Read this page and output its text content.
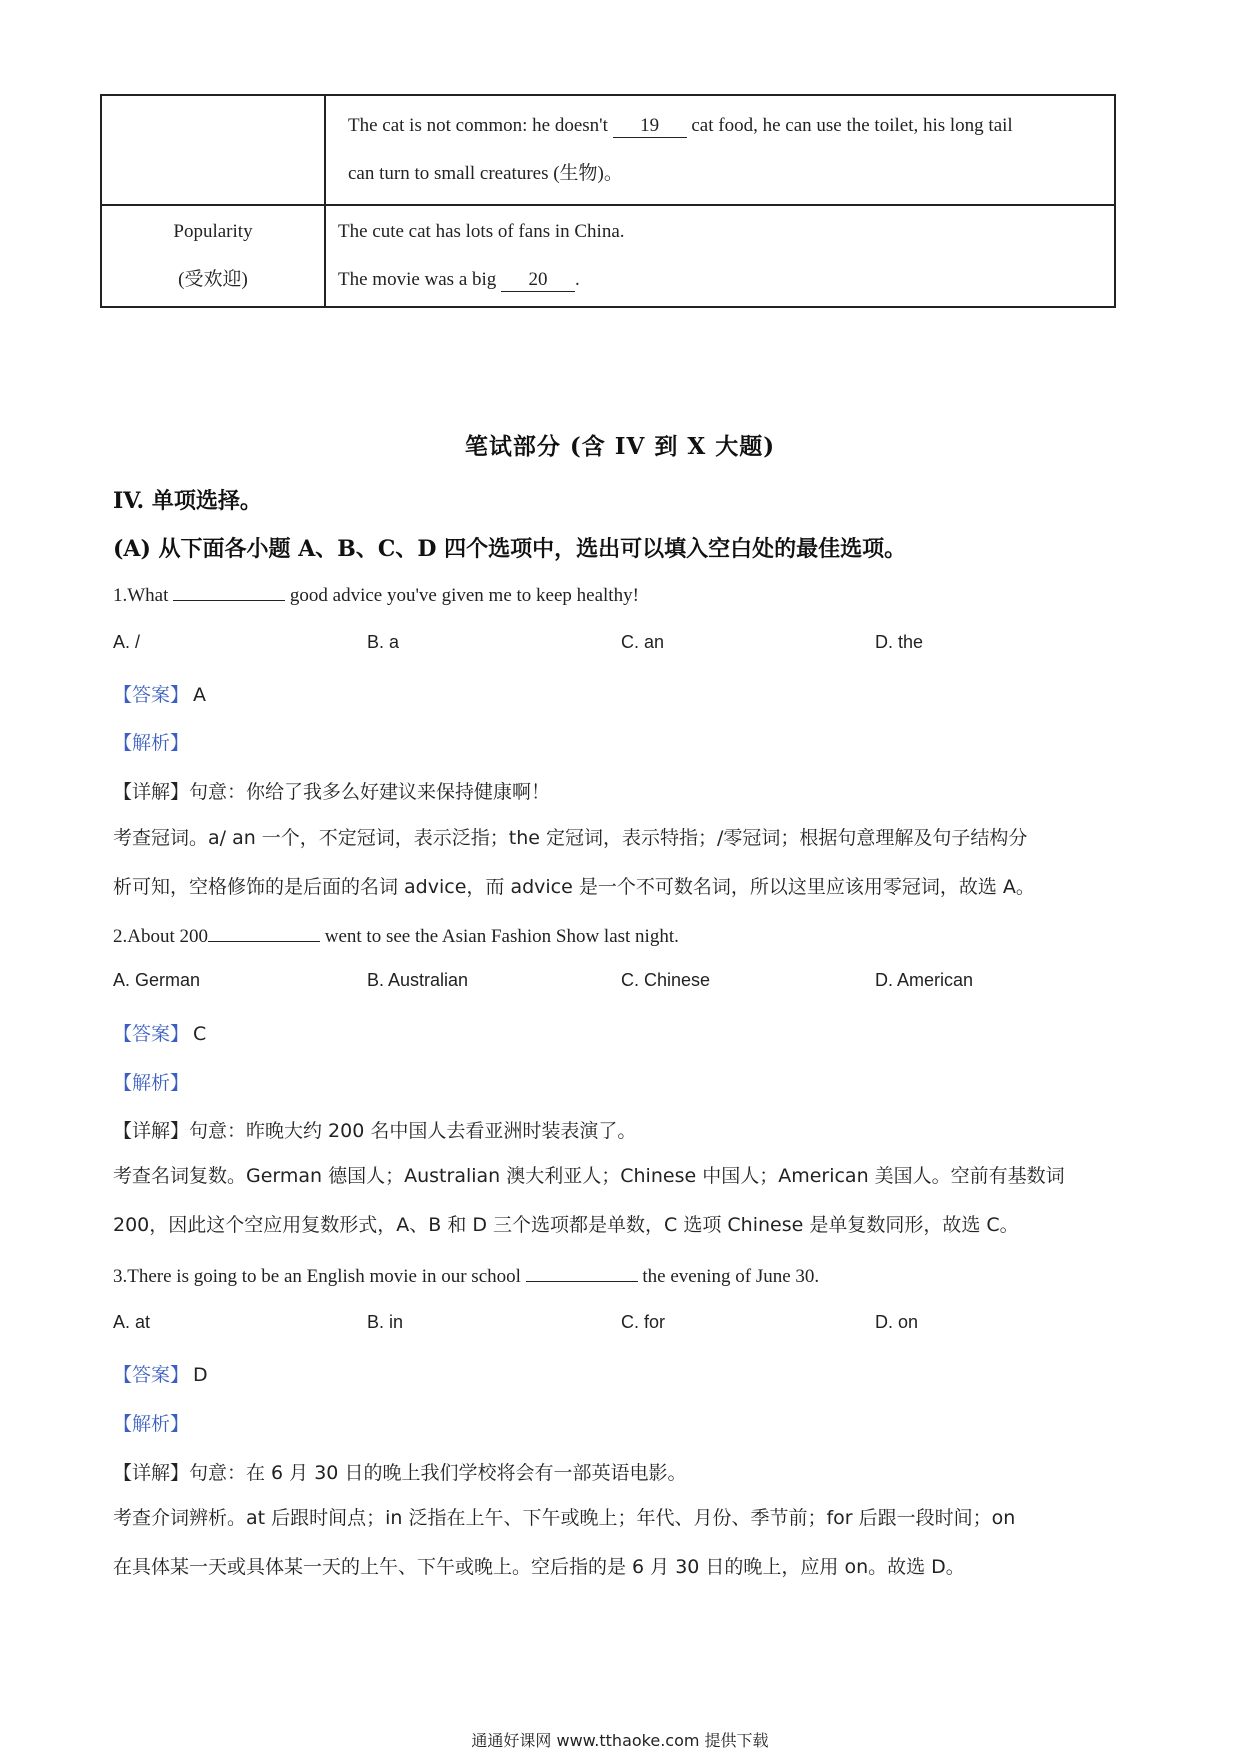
	The cat is not common: he doesn't 19 cat food, he can use the toilet, his long tail
can turn to small creatures (生物)。
Popularity
(受欢迎)	The cute cat has lots of fans in China.
The movie was a big 20 .
笔试部分 (含 IV 到 X 大题)
IV. 单项选择。
(A) 从下面各小题 A、B、C、D 四个选项中，选出可以填入空白处的最佳选项。
1.What	good advice you've given me to keep healthy!
A. /	B. a	C. an	D. the
【答案】 A
【解析】
【详解】句意：你给了我多么好建议来保持健康啊！
考查冠词。a/ an 一个，不定冠词，表示泛指；the 定冠词，表示特指；/零冠词；根据句意理解及句子结构分
析可知，空格修饰的是后面的名词 advice，而 advice 是一个不可数名词，所以这里应该用零冠词，故选 A。
2.About 200	went to see the Asian Fashion Show last night.
A. German	B. Australian	C. Chinese	D. American
【答案】 C
【解析】
【详解】句意：昨晚大约 200 名中国人去看亚洲时装表演了。
考查名词复数。German 德国人；Australian 澳大利亚人；Chinese 中国人；American 美国人。空前有基数词
200，因此这个空应用复数形式，A、B 和 D 三个选项都是单数，C 选项 Chinese 是单复数同形，故选 C。
3.There is going to be an English movie in our school	the evening of June 30.
A. at	B. in	C. for	D. on
【答案】 D
【解析】
【详解】句意：在 6 月 30 日的晚上我们学校将会有一部英语电影。
考查介词辨析。at 后跟时间点；in 泛指在上午、下午或晚上；年代、月份、季节前；for 后跟一段时间；on
在具体某一天或具体某一天的上午、下午或晚上。空后指的是 6 月 30 日的晚上，应用 on。故选 D。
通通好课网 www.tthaoke.com 提供下载
